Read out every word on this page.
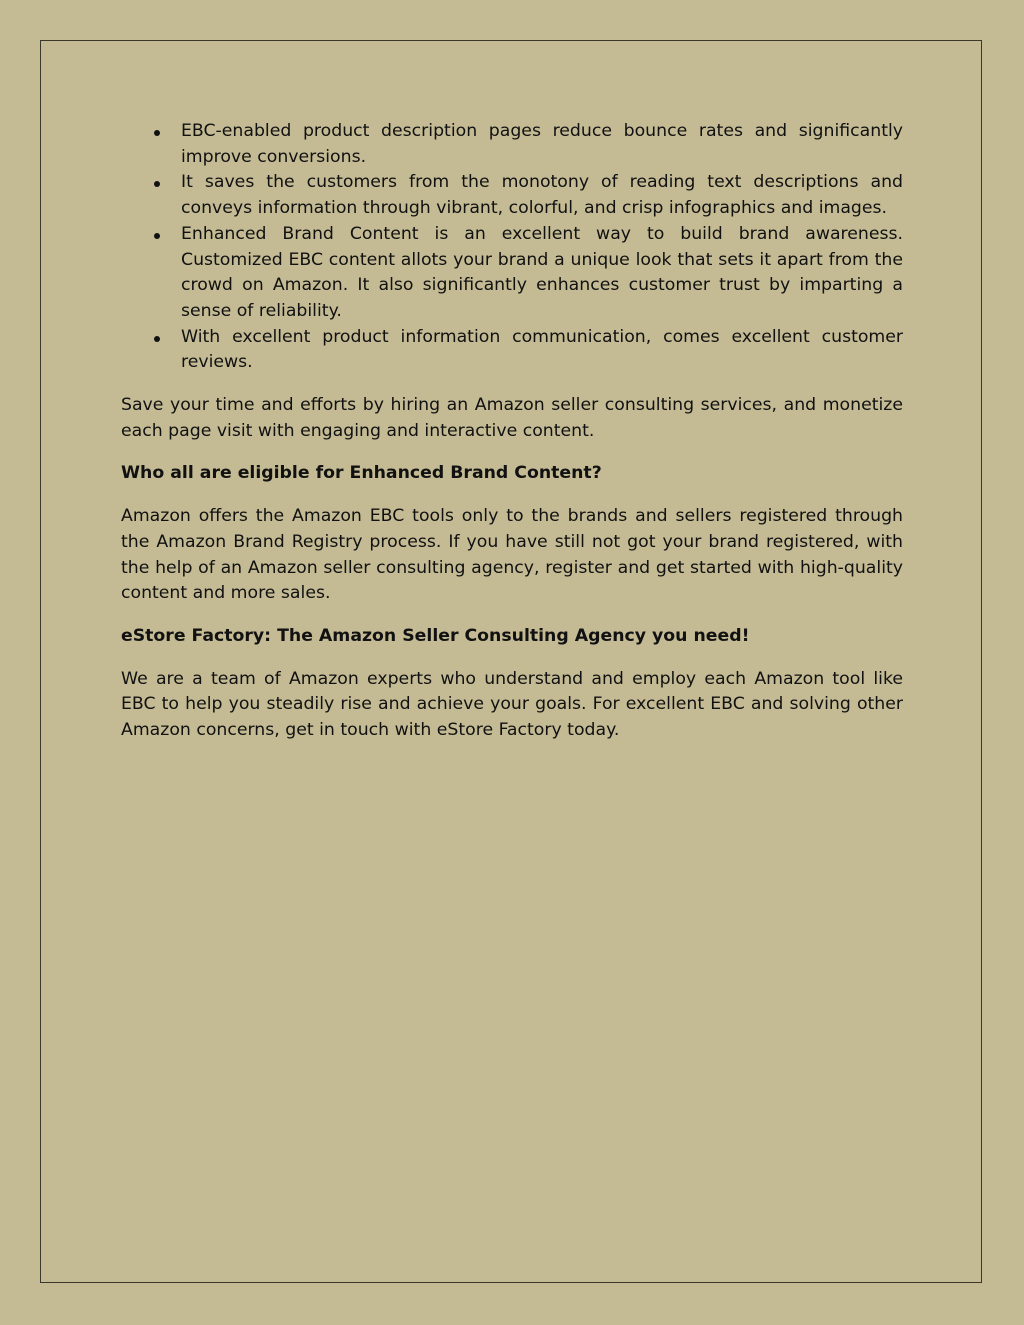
EBC-enabled product description pages reduce bounce rates and significantly improve conversions.
It saves the customers from the monotony of reading text descriptions and conveys information through vibrant, colorful, and crisp infographics and images.
Enhanced Brand Content is an excellent way to build brand awareness. Customized EBC content allots your brand a unique look that sets it apart from the crowd on Amazon. It also significantly enhances customer trust by imparting a sense of reliability.
With excellent product information communication, comes excellent customer reviews.

Save your time and efforts by hiring an Amazon seller consulting services, and monetize each page visit with engaging and interactive content.

Who all are eligible for Enhanced Brand Content?

Amazon offers the Amazon EBC tools only to the brands and sellers registered through the Amazon Brand Registry process. If you have still not got your brand registered, with the help of an Amazon seller consulting agency, register and get started with high-quality content and more sales.

eStore Factory: The Amazon Seller Consulting Agency you need!

We are a team of Amazon experts who understand and employ each Amazon tool like EBC to help you steadily rise and achieve your goals. For excellent EBC and solving other Amazon concerns, get in touch with eStore Factory today.
